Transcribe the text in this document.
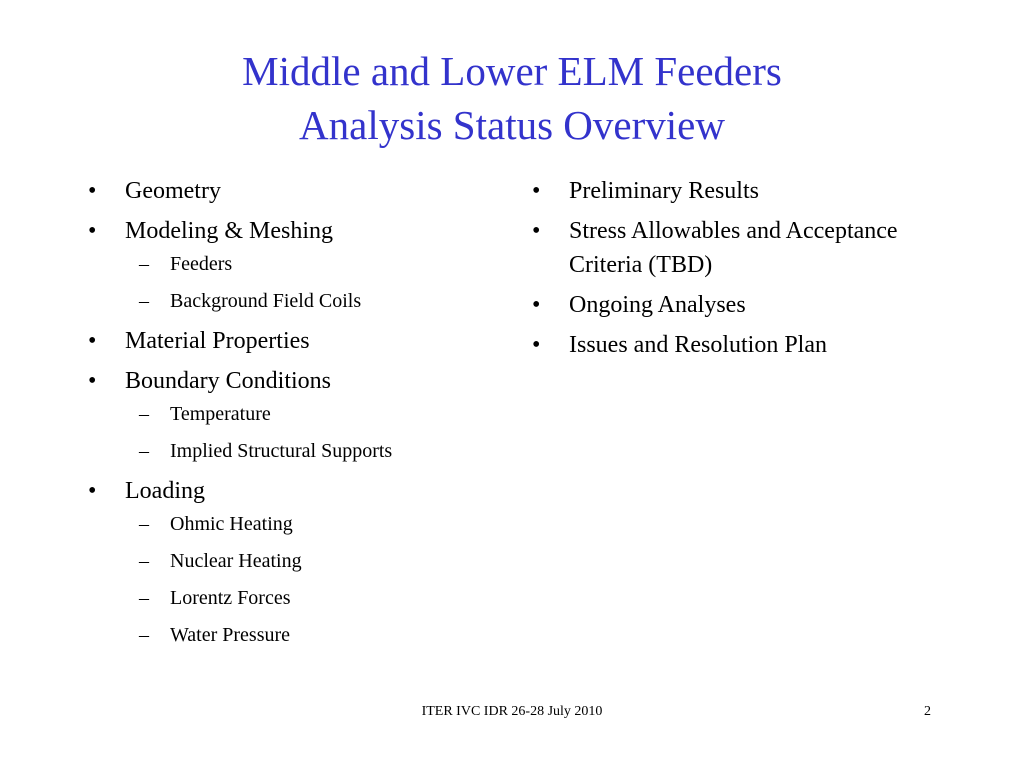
Middle and Lower ELM Feeders
Analysis Status Overview
• Geometry
• Modeling & Meshing
– Feeders
– Background Field Coils
• Material Properties
• Boundary Conditions
– Temperature
– Implied Structural Supports
• Loading
– Ohmic Heating
– Nuclear Heating
– Lorentz Forces
– Water Pressure
• Preliminary Results
• Stress Allowables and Acceptance Criteria (TBD)
• Ongoing Analyses
• Issues and Resolution Plan
ITER IVC IDR 26-28 July 2010	2
